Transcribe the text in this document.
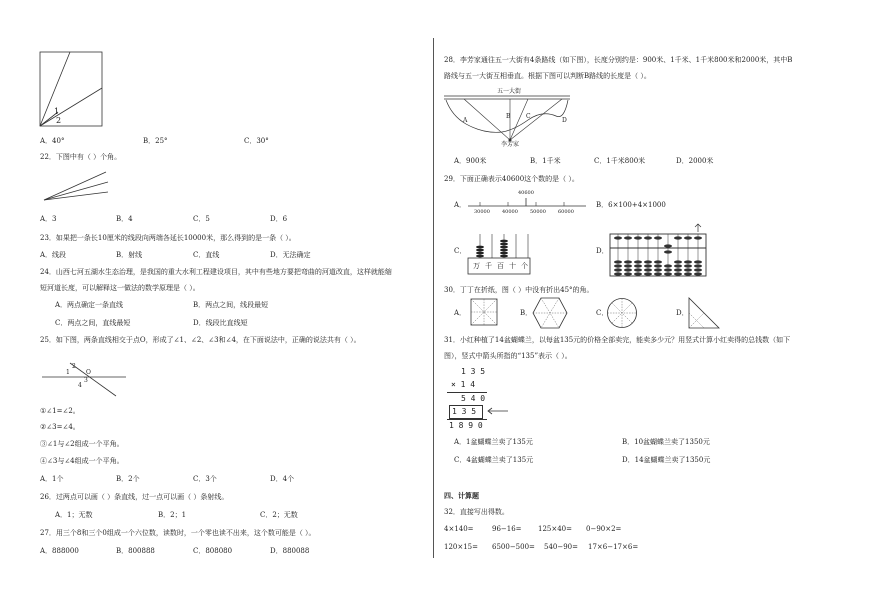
1
2
A．40°	B．25°	C．30°
22．下图中有（ ）个角。
A．3	B．4	C．5	D．6
23．如果把一条长10厘米的线段向两端各延长10000米，那么得到的是一条（ ）。
A．线段	B．射线	C．直线	D．无法确定
24．山西七河五湖水生态治理，是我国的重大水利工程建设项目，其中有些地方要把弯曲的河道改直，这样就能缩
短河道长度，可以解释这一做法的数学原理是（ ）。
A．两点确定一条直线	B．两点之间，线段最短
C．两点之间，直线最短	D．线段比直线短
25．如下图，两条直线相交于点O，形成了∠1、∠2、∠3和∠4，在下面说法中，正确的说法共有（ ）。
2
1	O
3
4
①∠1=∠2。
②∠3=∠4。
③∠1与∠2组成一个平角。
④∠3与∠4组成一个平角。
A．1个	B．2个	C．3个	D．4个
26．过两点可以画（ ）条直线，过一点可以画（ ）条射线。
A．1；无数	B．2；1	C．2；无数
27．用三个8和三个0组成一个六位数，读数时，一个零也读不出来，这个数可能是（ ）。
A．888000	B．800888	C．808080	D．880088
28．李芳家通往五一大街有4条路线（如下图），长度分别约是：900米、1千米、1千米800米和2000米，其中B
路线与五一大街互相垂直。根据下图可以判断B路线的长度是（ ）。
五一大街
A
B	C
D
李芳家
A．900米	B．1千米	C．1千米800米	D．2000米
29．下面正确表示40600这个数的是（ ）。
A．
40600
30000 40000 50000 60000
B．6×100+4×1000
C．
万 千 百 十 个
D．
30．丁丁在折纸，图（ ）中没有折出45°的角。
A．	B．	C．	D．
31．小红种植了14盆蝴蝶兰，以每盆135元的价格全部卖完，能卖多少元？用竖式计算小红卖得的总钱数（如下
图），竖式中箭头所指的“135”表示（ ）。
1 3 5
× 1 4
5 4 0
1 3 5
1 8 9 0
A．1盆蝴蝶兰卖了135元	B．10盆蝴蝶兰卖了1350元
C．4盆蝴蝶兰卖了135元	D．14盆蝴蝶兰卖了1350元
四、计算题
32．直接写出得数。
4×140=	96−16= 125×40= 0−90×2=
120×15= 6500−500= 540−90= 17×6−17×6=
